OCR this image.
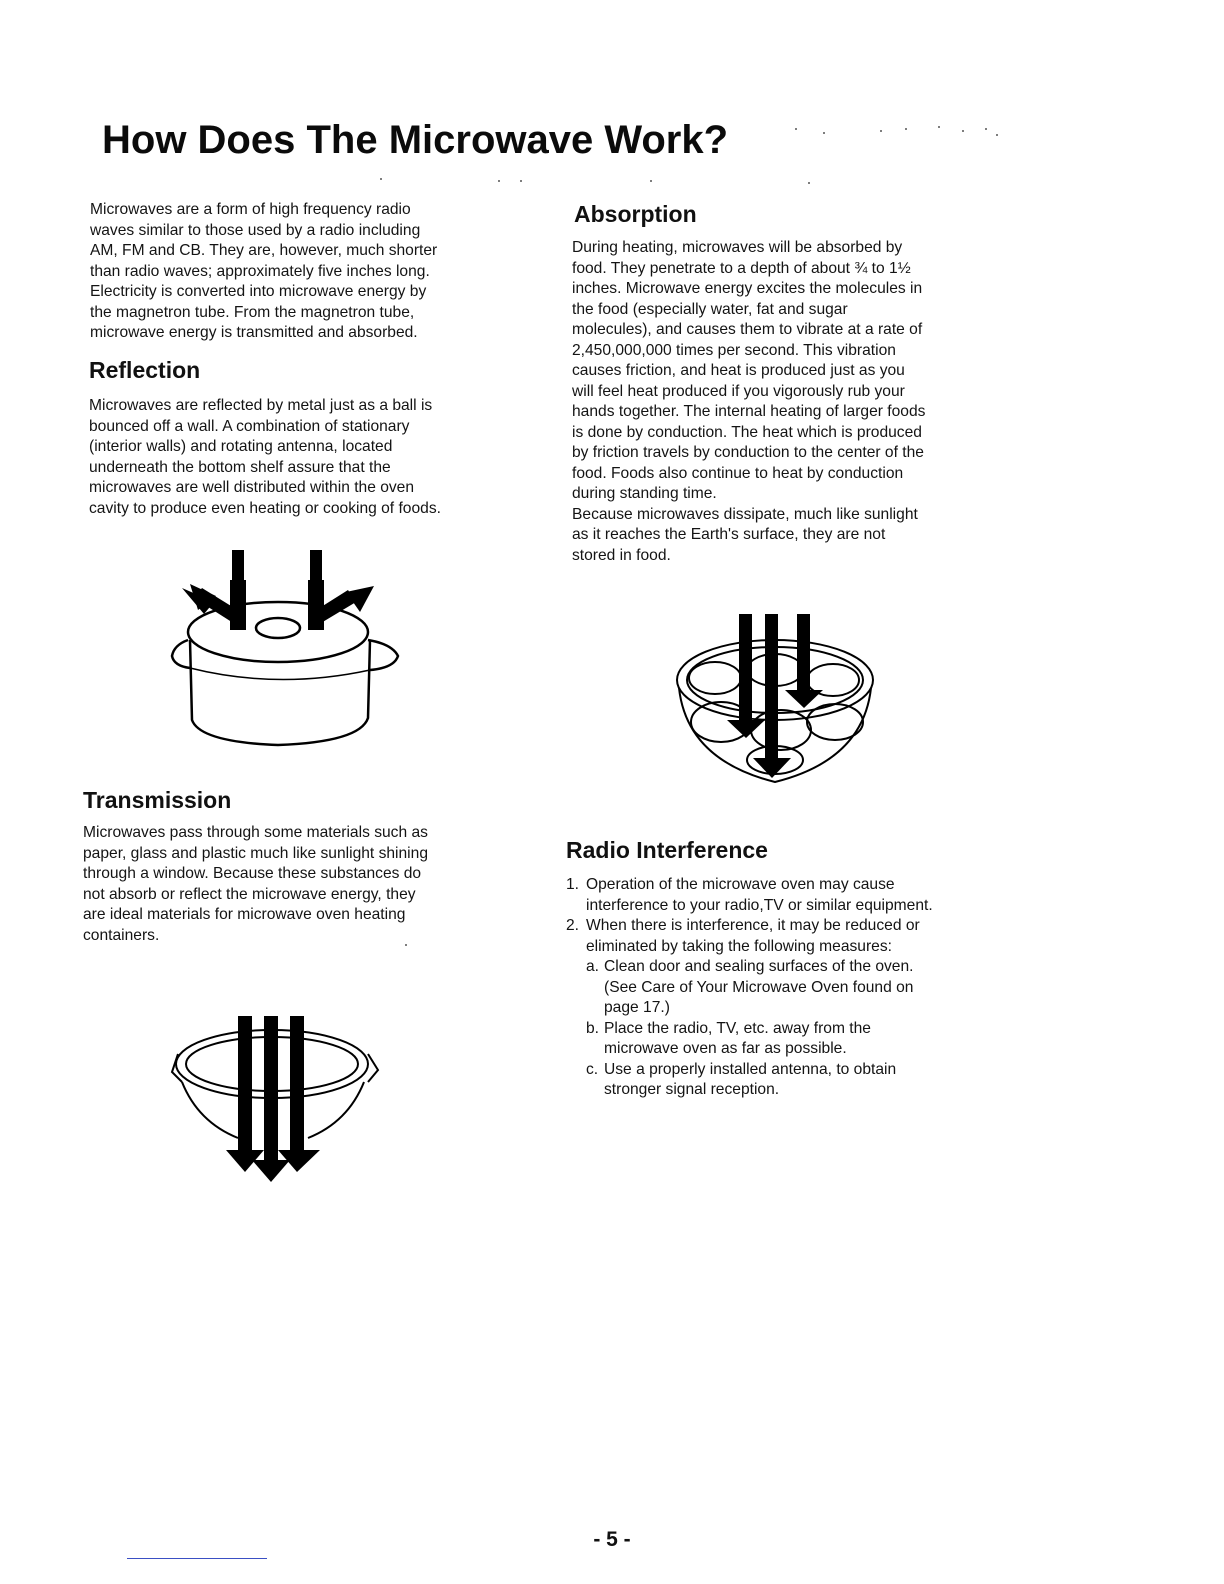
How Does The Microwave Work?

Microwaves are a form of high frequency radio
waves similar to those used by a radio including
AM, FM and CB. They are, however, much shorter
than radio waves; approximately five inches long.
Electricity is converted into microwave energy by
the magnetron tube. From the magnetron tube,
microwave energy is transmitted and absorbed.

Reflection

Microwaves are reflected by metal just as a ball is
bounced off a wall. A combination of stationary
(interior walls) and rotating antenna, located
underneath the bottom shelf assure that the
microwaves are well distributed within the oven
cavity to produce even heating or cooking of foods.

Transmission

Microwaves pass through some materials such as
paper, glass and plastic much like sunlight shining
through a window. Because these substances do
not absorb or reflect the microwave energy, they
are ideal materials for microwave oven heating
containers.

Absorption

During heating, microwaves will be absorbed by
food. They penetrate to a depth of about ¾ to 1½
inches. Microwave energy excites the molecules in
the food (especially water, fat and sugar
molecules), and causes them to vibrate at a rate of
2,450,000,000 times per second. This vibration
causes friction, and heat is produced just as you
will feel heat produced if you vigorously rub your
hands together. The internal heating of larger foods
is done by conduction. The heat which is produced
by friction travels by conduction to the center of the
food. Foods also continue to heat by conduction
during standing time.
Because microwaves dissipate, much like sunlight
as it reaches the Earth's surface, they are not
stored in food.

Radio Interference
1. Operation of the microwave oven may cause
interference to your radio,TV or similar equipment.
2. When there is interference, it may be reduced or
eliminated by taking the following measures:
a. Clean door and sealing surfaces of the oven.
(See Care of Your Microwave Oven found on
page 17.)
b. Place the radio, TV, etc. away from the
microwave oven as far as possible.
c. Use a properly installed antenna, to obtain
stronger signal reception.
- 5 -
